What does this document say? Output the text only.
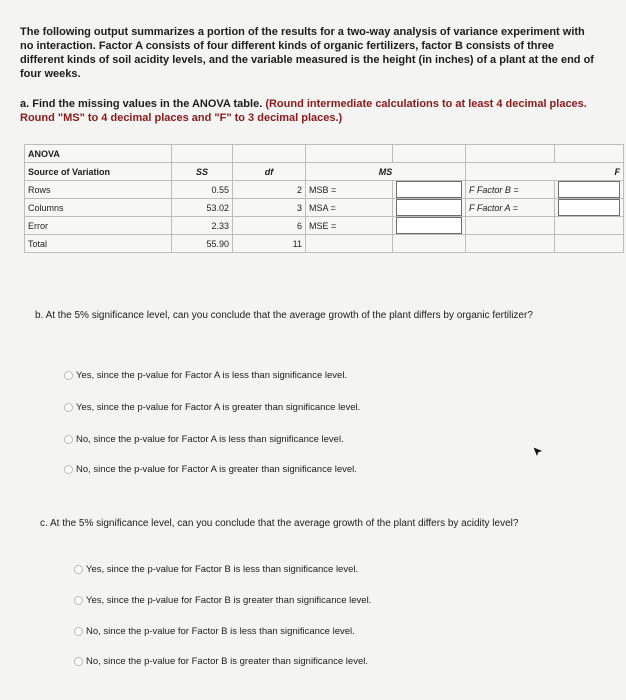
The following output summarizes a portion of the results for a two-way analysis of variance experiment with no interaction. Factor A consists of four different kinds of organic fertilizers, factor B consists of three different kinds of soil acidity levels, and the variable measured is the height (in inches) of a plant at the end of four weeks.
a. Find the missing values in the ANOVA table. (Round intermediate calculations to at least 4 decimal places. Round "MS" to 4 decimal places and "F" to 3 decimal places.)
ANOVA						
Source of Variation	SS	df	MS		F	
Rows	0.55	2	MSB =		F Factor B =	

Columns	53.02	3	MSA =		F Factor A =	

Error	2.33	6	MSE =	

Total	55.90	11				
b. At the 5% significance level, can you conclude that the average growth of the plant differs by organic fertilizer?
Yes, since the p-value for Factor A is less than significance level.
Yes, since the p-value for Factor A is greater than significance level.
No, since the p-value for Factor A is less than significance level.
No, since the p-value for Factor A is greater than significance level.
c. At the 5% significance level, can you conclude that the average growth of the plant differs by acidity level?
Yes, since the p-value for Factor B is less than significance level.
Yes, since the p-value for Factor B is greater than significance level.
No, since the p-value for Factor B is less than significance level.
No, since the p-value for Factor B is greater than significance level.
